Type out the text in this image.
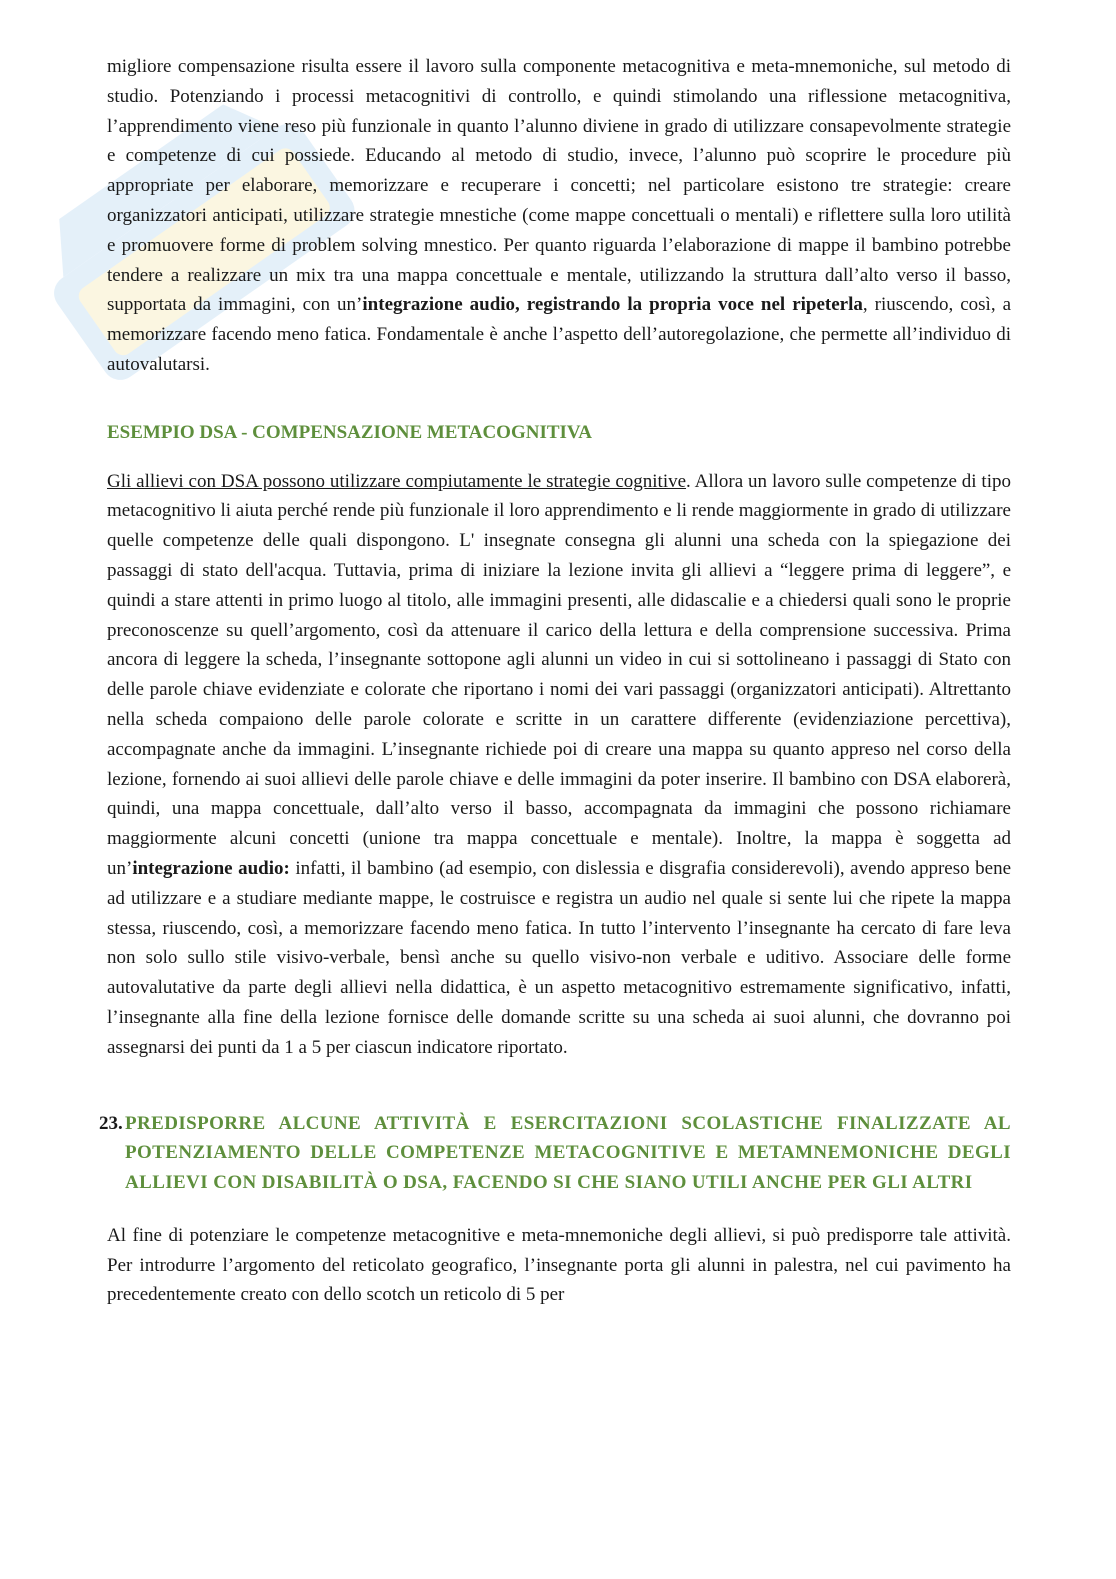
migliore compensazione risulta essere il lavoro sulla componente metacognitiva e meta-mnemoniche, sul metodo di studio. Potenziando i processi metacognitivi di controllo, e quindi stimolando una riflessione metacognitiva, l’apprendimento viene reso più funzionale in quanto l’alunno diviene in grado di utilizzare consapevolmente strategie e competenze di cui possiede. Educando al metodo di studio, invece, l’alunno può scoprire le procedure più appropriate per elaborare, memorizzare e recuperare i concetti; nel particolare esistono tre strategie: creare organizzatori anticipati, utilizzare strategie mnestiche (come mappe concettuali o mentali) e riflettere sulla loro utilità e promuovere forme di problem solving mnestico. Per quanto riguarda l’elaborazione di mappe il bambino potrebbe tendere a realizzare un mix tra una mappa concettuale e mentale, utilizzando la struttura dall’alto verso il basso, supportata da immagini, con un’integrazione audio, registrando la propria voce nel ripeterla, riuscendo, così, a memorizzare facendo meno fatica. Fondamentale è anche l’aspetto dell’autoregolazione, che permette all’individuo di autovalutarsi.

ESEMPIO DSA - COMPENSAZIONE METACOGNITIVA

Gli allievi con DSA possono utilizzare compiutamente le strategie cognitive. Allora un lavoro sulle competenze di tipo metacognitivo li aiuta perché rende più funzionale il loro apprendimento e li rende maggiormente in grado di utilizzare quelle competenze delle quali dispongono. L' insegnate consegna gli alunni una scheda con la spiegazione dei passaggi di stato dell'acqua. Tuttavia, prima di iniziare la lezione invita gli allievi a “leggere prima di leggere”, e quindi a stare attenti in primo luogo al titolo, alle immagini presenti, alle didascalie e a chiedersi quali sono le proprie preconoscenze su quell’argomento, così da attenuare il carico della lettura e della comprensione successiva. Prima ancora di leggere la scheda, l’insegnante sottopone agli alunni un video in cui si sottolineano i passaggi di Stato con delle parole chiave evidenziate e colorate che riportano i nomi dei vari passaggi (organizzatori anticipati). Altrettanto nella scheda compaiono delle parole colorate e scritte in un carattere differente (evidenziazione percettiva), accompagnate anche da immagini. L’insegnante richiede poi di creare una mappa su quanto appreso nel corso della lezione, fornendo ai suoi allievi delle parole chiave e delle immagini da poter inserire. Il bambino con DSA elaborerà, quindi, una mappa concettuale, dall’alto verso il basso, accompagnata da immagini che possono richiamare maggiormente alcuni concetti (unione tra mappa concettuale e mentale). Inoltre, la mappa è soggetta ad un’integrazione audio: infatti, il bambino (ad esempio, con dislessia e disgrafia considerevoli), avendo appreso bene ad utilizzare e a studiare mediante mappe, le costruisce e registra un audio nel quale si sente lui che ripete la mappa stessa, riuscendo, così, a memorizzare facendo meno fatica. In tutto l’intervento l’insegnante ha cercato di fare leva non solo sullo stile visivo-verbale, bensì anche su quello visivo-non verbale e uditivo. Associare delle forme autovalutative da parte degli allievi nella didattica, è un aspetto metacognitivo estremamente significativo, infatti, l’insegnante alla fine della lezione fornisce delle domande scritte su una scheda ai suoi alunni, che dovranno poi assegnarsi dei punti da 1 a 5 per ciascun indicatore riportato.

23. PREDISPORRE ALCUNE ATTIVITÀ E ESERCITAZIONI SCOLASTICHE FINALIZZATE AL POTENZIAMENTO DELLE COMPETENZE METACOGNITIVE E METAMNEMONICHE DEGLI ALLIEVI CON DISABILITÀ O DSA, FACENDO SI CHE SIANO UTILI ANCHE PER GLI ALTRI

Al fine di potenziare le competenze metacognitive e meta-mnemoniche degli allievi, si può predisporre tale attività. Per introdurre l’argomento del reticolato geografico, l’insegnante porta gli alunni in palestra, nel cui pavimento ha precedentemente creato con dello scotch un reticolo di 5 per
